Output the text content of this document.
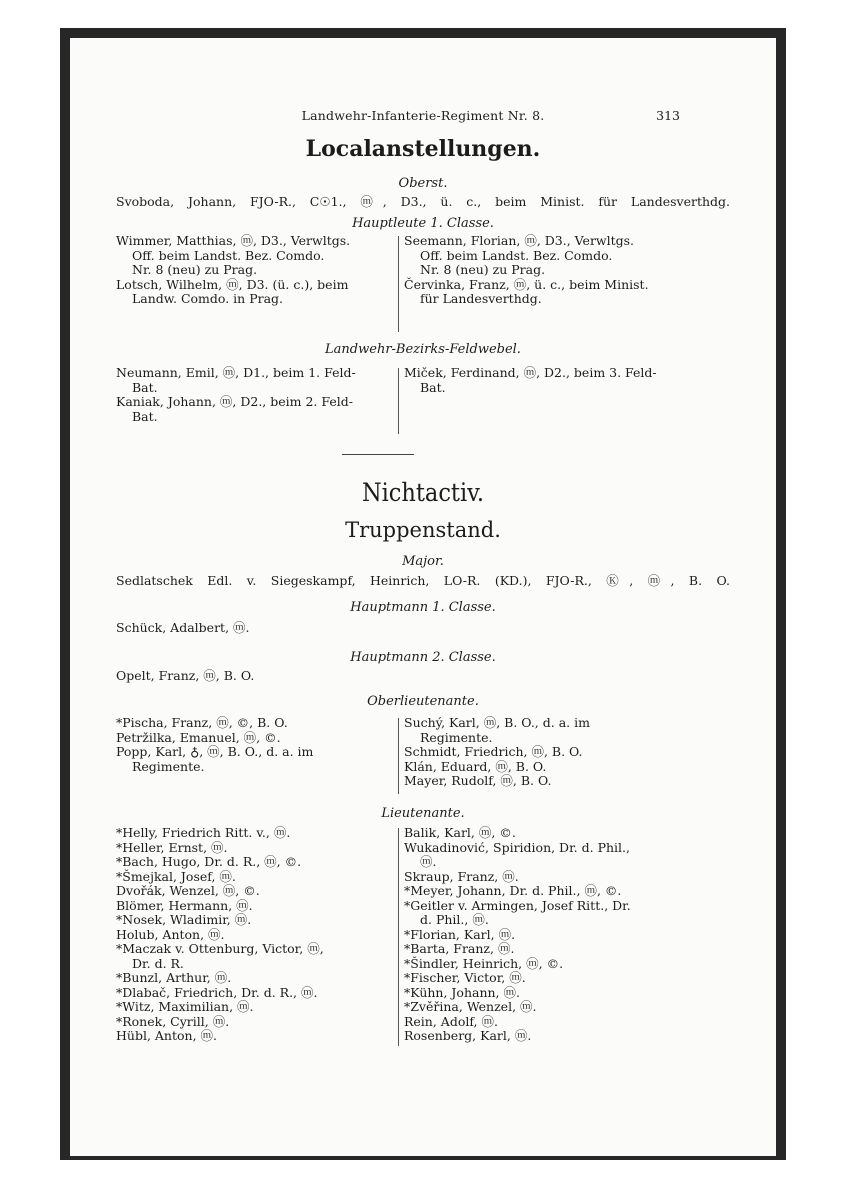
Landwehr-Infanterie-Regiment Nr. 8.	313
Localanstellungen.
Oberst.
Svoboda, Johann, FJO-R., C☉1., ⓜ, D3., ü. c., beim Minist. für Landesverthdg.
Hauptleute 1. Classe.
Wimmer, Matthias, ⓜ, D3., Verwltgs.
Off. beim Landst. Bez. Comdo.
Nr. 8 (neu) zu Prag.
Lotsch, Wilhelm, ⓜ, D3. (ü. c.), beim
Landw. Comdo. in Prag.
Seemann, Florian, ⓜ, D3., Verwltgs.
Off. beim Landst. Bez. Comdo.
Nr. 8 (neu) zu Prag.
Červinka, Franz, ⓜ, ü. c., beim Minist.
für Landesverthdg.
Landwehr-Bezirks-Feldwebel.
Neumann, Emil, ⓜ, D1., beim 1. Feld-
Bat.
Kaniak, Johann, ⓜ, D2., beim 2. Feld-
Bat.
Miček, Ferdinand, ⓜ, D2., beim 3. Feld-
Bat.
Nichtactiv.
Truppenstand.
Major.
Sedlatschek Edl. v. Siegeskampf, Heinrich, LO-R. (KD.), FJO-R., Ⓚ, ⓜ, B. O.
Hauptmann 1. Classe.
Schück, Adalbert, ⓜ.
Hauptmann 2. Classe.
Opelt, Franz, ⓜ, B. O.
Oberlieutenante.
*Pischa, Franz, ⓜ, ©, B. O.
Petržilka, Emanuel, ⓜ, ©.
Popp, Karl, ♁, ⓜ, B. O., d. a. im
Regimente.
Suchý, Karl, ⓜ, B. O., d. a. im
Regimente.
Schmidt, Friedrich, ⓜ, B. O.
Klán, Eduard, ⓜ, B. O.
Mayer, Rudolf, ⓜ, B. O.
Lieutenante.
*Helly, Friedrich Ritt. v., ⓜ.
*Heller, Ernst, ⓜ.
*Bach, Hugo, Dr. d. R., ⓜ, ©.
*Šmejkal, Josef, ⓜ.
Dvořák, Wenzel, ⓜ, ©.
Blömer, Hermann, ⓜ.
*Nosek, Wladimir, ⓜ.
Holub, Anton, ⓜ.
*Maczak v. Ottenburg, Victor, ⓜ,
Dr. d. R.
*Bunzl, Arthur, ⓜ.
*Dlabač, Friedrich, Dr. d. R., ⓜ.
*Witz, Maximilian, ⓜ.
*Ronek, Cyrill, ⓜ.
Hübl, Anton, ⓜ.
Balik, Karl, ⓜ, ©.
Wukadinović, Spiridion, Dr. d. Phil.,
ⓜ.
Skraup, Franz, ⓜ.
*Meyer, Johann, Dr. d. Phil., ⓜ, ©.
*Geitler v. Armingen, Josef Ritt., Dr.
d. Phil., ⓜ.
*Florian, Karl, ⓜ.
*Barta, Franz, ⓜ.
*Šindler, Heinrich, ⓜ, ©.
*Fischer, Victor, ⓜ.
*Kühn, Johann, ⓜ.
*Zvěřina, Wenzel, ⓜ.
Rein, Adolf, ⓜ.
Rosenberg, Karl, ⓜ.
